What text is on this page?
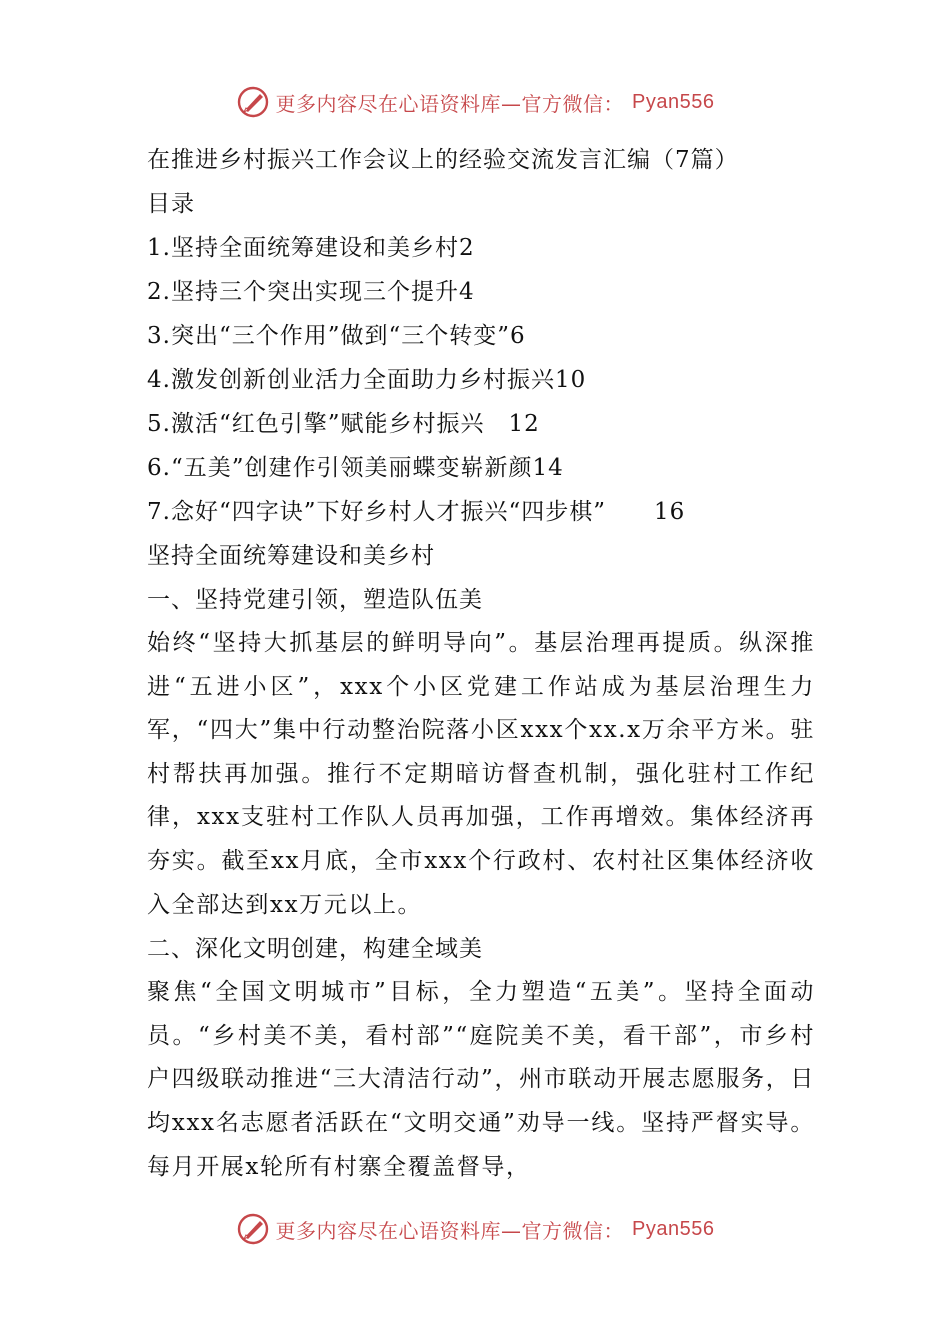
更多内容尽在心语资料库—官方微信： Pyan556
在推进乡村振兴工作会议上的经验交流发言汇编（7篇）
目录
1.坚持全面统筹建设和美乡村2
2.坚持三个突出实现三个提升4
3.突出“三个作用”做到“三个转变”6
4.激发创新创业活力全面助力乡村振兴10
5.激活“红色引擎”赋能乡村振兴　12
6.“五美”创建作引领美丽蝶变崭新颜14
7.念好“四字诀”下好乡村人才振兴“四步棋”　　16
坚持全面统筹建设和美乡村
一、坚持党建引领，塑造队伍美

始终“坚持大抓基层的鲜明导向”。基层治理再提质。纵深推进“五进小区”，xxx个小区党建工作站成为基层治理生力军，“四大”集中行动整治院落小区xxx个xx.x万余平方米。驻村帮扶再加强。推行不定期暗访督查机制，强化驻村工作纪律，xxx支驻村工作队人员再加强，工作再增效。集体经济再夯实。截至xx月底，全市xxx个行政村、农村社区集体经济收入全部达到xx万元以上。

二、深化文明创建，构建全域美

聚焦“全国文明城市”目标，全力塑造“五美”。坚持全面动员。“乡村美不美，看村部”“庭院美不美，看干部”，市乡村户四级联动推进“三大清洁行动”，州市联动开展志愿服务，日均xxx名志愿者活跃在“文明交通”劝导一线。坚持严督实导。每月开展x轮所有村寨全覆盖督导，

更多内容尽在心语资料库—官方微信： Pyan556
